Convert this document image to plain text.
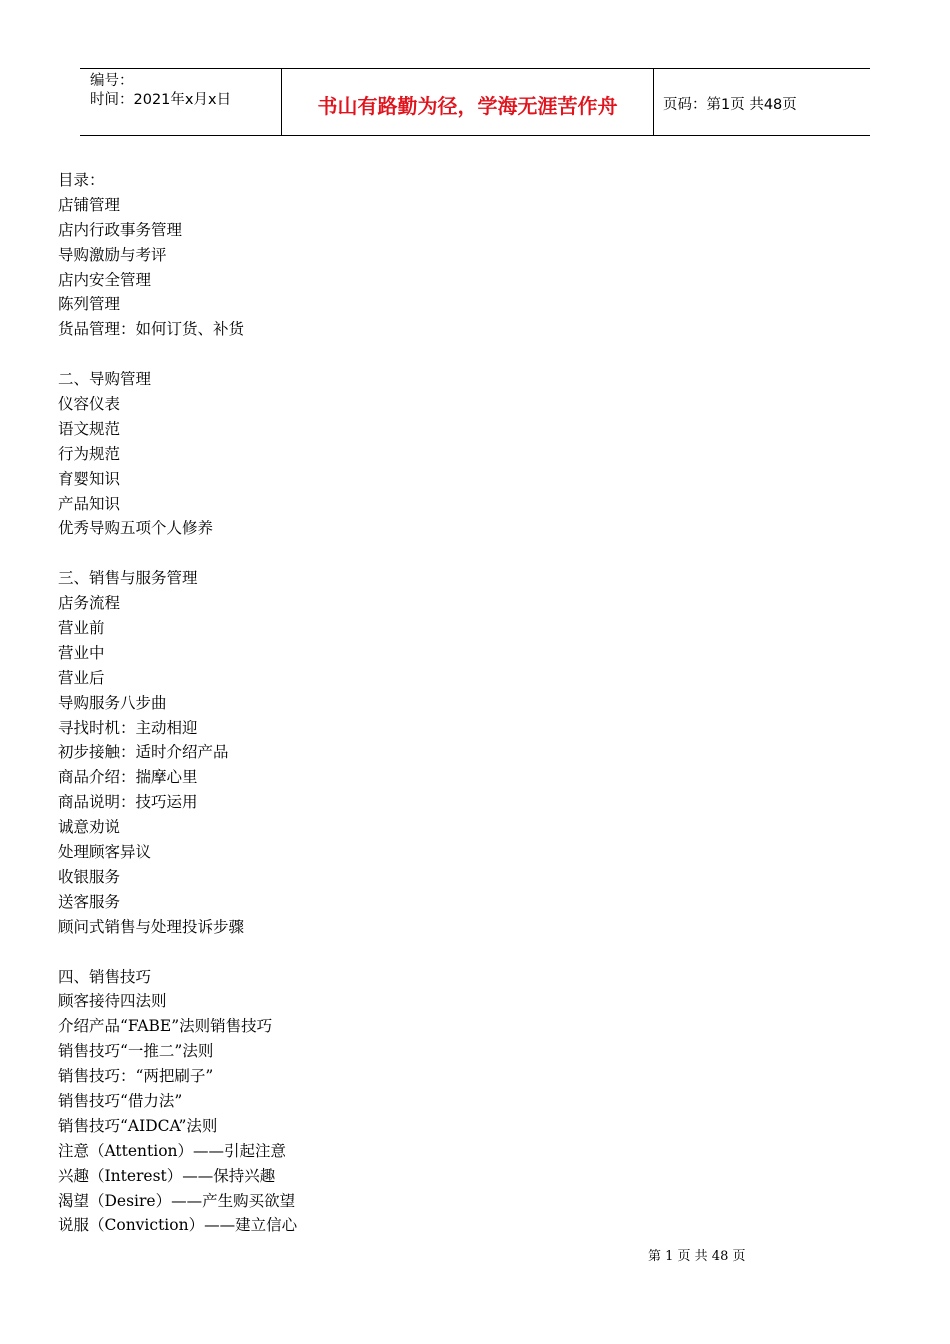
编号：
时间：2021年x月x日	书山有路勤为径，学海无涯苦作舟	页码：第1页 共48页
目录：
店铺管理
店内行政事务管理
导购激励与考评
店内安全管理
陈列管理
货品管理：如何订货、补货
二、导购管理
仪容仪表
语文规范
行为规范
育婴知识
产品知识
优秀导购五项个人修养
三、销售与服务管理
店务流程
营业前
营业中
营业后
导购服务八步曲
寻找时机：主动相迎
初步接触：适时介绍产品
商品介绍：揣摩心里
商品说明：技巧运用
诚意劝说
处理顾客异议
收银服务
送客服务
顾问式销售与处理投诉步骤
四、销售技巧
顾客接待四法则
介绍产品“FABE”法则销售技巧
销售技巧“一推二”法则
销售技巧：“两把刷子”
销售技巧“借力法”
销售技巧“AIDCA”法则
注意（Attention）——引起注意
兴趣（Interest）——保持兴趣
渴望（Desire）——产生购买欲望
说服（Conviction）——建立信心
第 1 页 共 48 页
